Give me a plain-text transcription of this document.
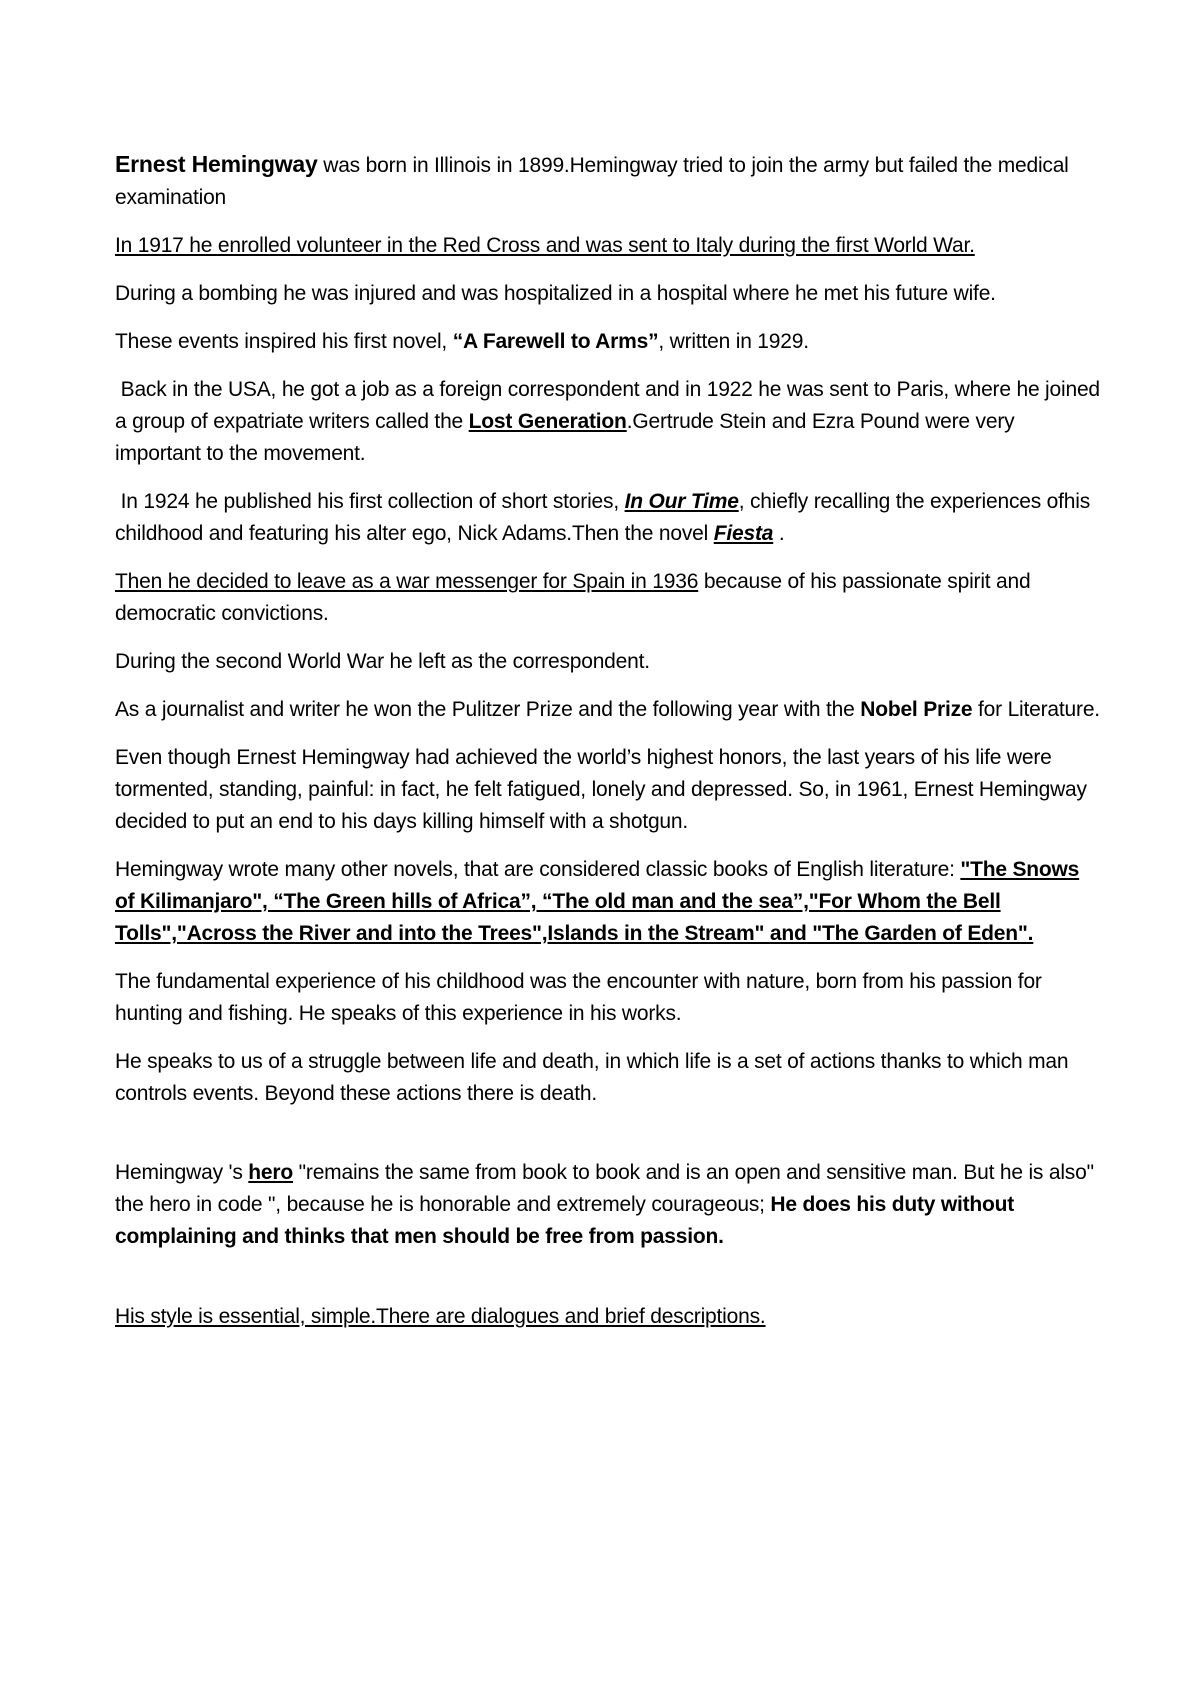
Ernest Hemingway was born in Illinois in 1899.Hemingway tried to join the army but failed the medical examination

In 1917 he enrolled volunteer in the Red Cross and was sent to Italy during the first World War.

During a bombing he was injured and was hospitalized in a hospital where he met his future wife.

These events inspired his first novel, “A Farewell to Arms”, written in 1929.

Back in the USA, he got a job as a foreign correspondent and in 1922 he was sent to Paris, where he joined a group of expatriate writers called the Lost Generation.Gertrude Stein and Ezra Pound were very important to the movement.

In 1924 he published his first collection of short stories, In Our Time, chiefly recalling the experiences ofhis childhood and featuring his alter ego, Nick Adams.Then the novel Fiesta .

Then he decided to leave as a war messenger for Spain in 1936 because of his passionate spirit and democratic convictions.

During the second World War he left as the correspondent.

As a journalist and writer he won the Pulitzer Prize and the following year with the Nobel Prize for Literature.

Even though Ernest Hemingway had achieved the world’s highest honors, the last years of his life were tormented, standing, painful: in fact, he felt fatigued, lonely and depressed. So, in 1961, Ernest Hemingway decided to put an end to his days killing himself with a shotgun.

Hemingway wrote many other novels, that are considered classic books of English literature: "The Snows of Kilimanjaro", “The Green hills of Africa”, “The old man and the sea”,"For Whom the Bell Tolls","Across the River and into the Trees",Islands in the Stream" and "The Garden of Eden".

The fundamental experience of his childhood was the encounter with nature, born from his passion for hunting and fishing. He speaks of this experience in his works.

He speaks to us of a struggle between life and death, in which life is a set of actions thanks to which man controls events. Beyond these actions there is death.

Hemingway 's hero "remains the same from book to book and is an open and sensitive man. But he is also" the hero in code ", because he is honorable and extremely courageous; He does his duty without complaining and thinks that men should be free from passion.

His style is essential, simple.There are dialogues and brief descriptions.
